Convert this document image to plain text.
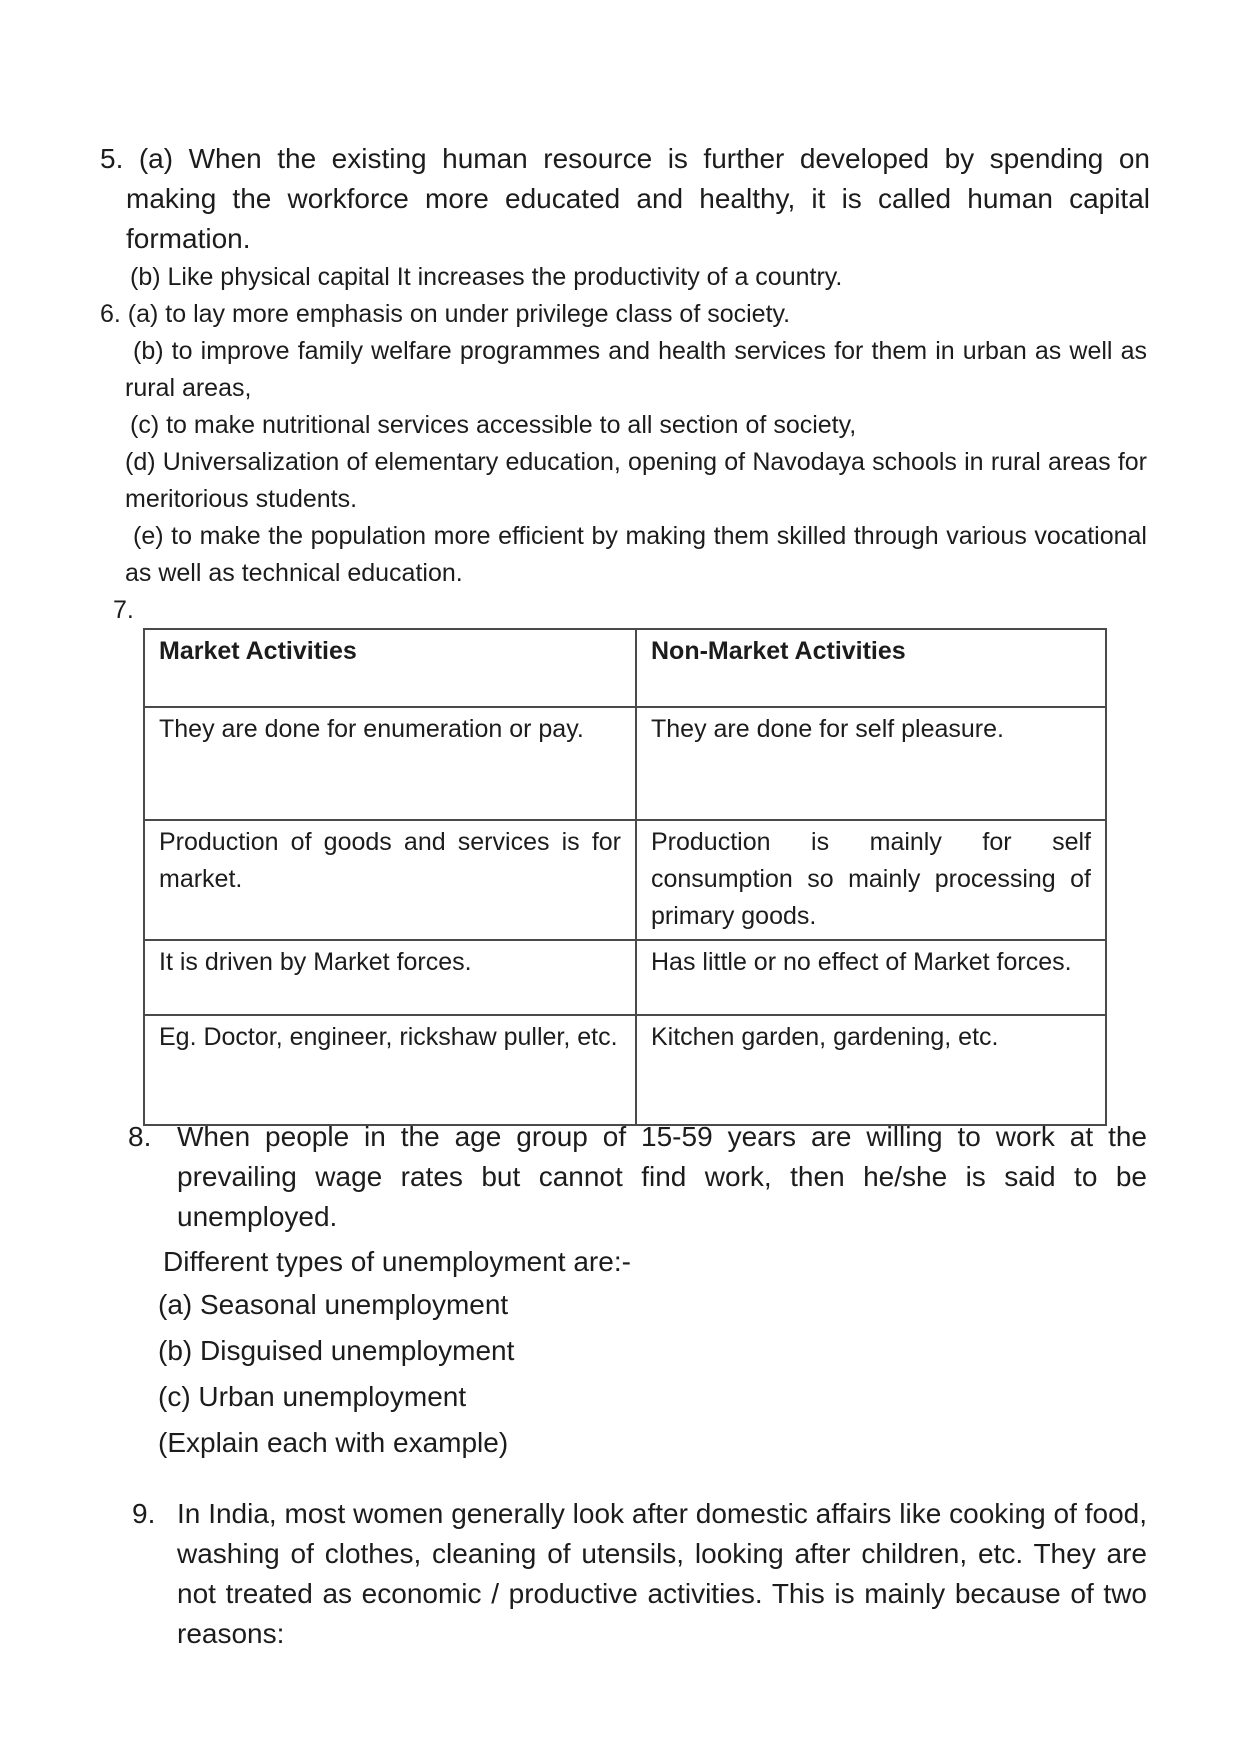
5. (a) When the existing human resource is further developed by spending on making the workforce more educated and healthy, it is called human capital formation.

(b) Like physical capital It increases the productivity of a country.

6. (a) to lay more emphasis on under privilege class of society.

(b) to improve family welfare programmes and health services for them in urban as well as rural areas,

(c) to make nutritional services accessible to all section of society,

(d) Universalization of elementary education, opening of Navodaya schools in rural areas for meritorious students.

(e) to make the population more efficient by making them skilled through various vocational as well as technical education.

7.

Market Activities	Non-Market Activities
They are done for enumeration or pay.	They are done for self pleasure.
Production of goods and services is for market.	Production is mainly for self consumption so mainly processing of primary goods.
It is driven by Market forces.	Has little or no effect of Market forces.
Eg. Doctor, engineer, rickshaw puller, etc.	Kitchen garden, gardening, etc.

8. When people in the age group of 15-59 years are willing to work at the prevailing wage rates but cannot find work, then he/she is said to be unemployed.

Different types of unemployment are:-

(a) Seasonal unemployment

(b) Disguised unemployment

(c) Urban unemployment

(Explain each with example)

9. In India, most women generally look after domestic affairs like cooking of food, washing of clothes, cleaning of utensils, looking after children, etc. They are not treated as economic / productive activities. This is mainly because of two reasons:
